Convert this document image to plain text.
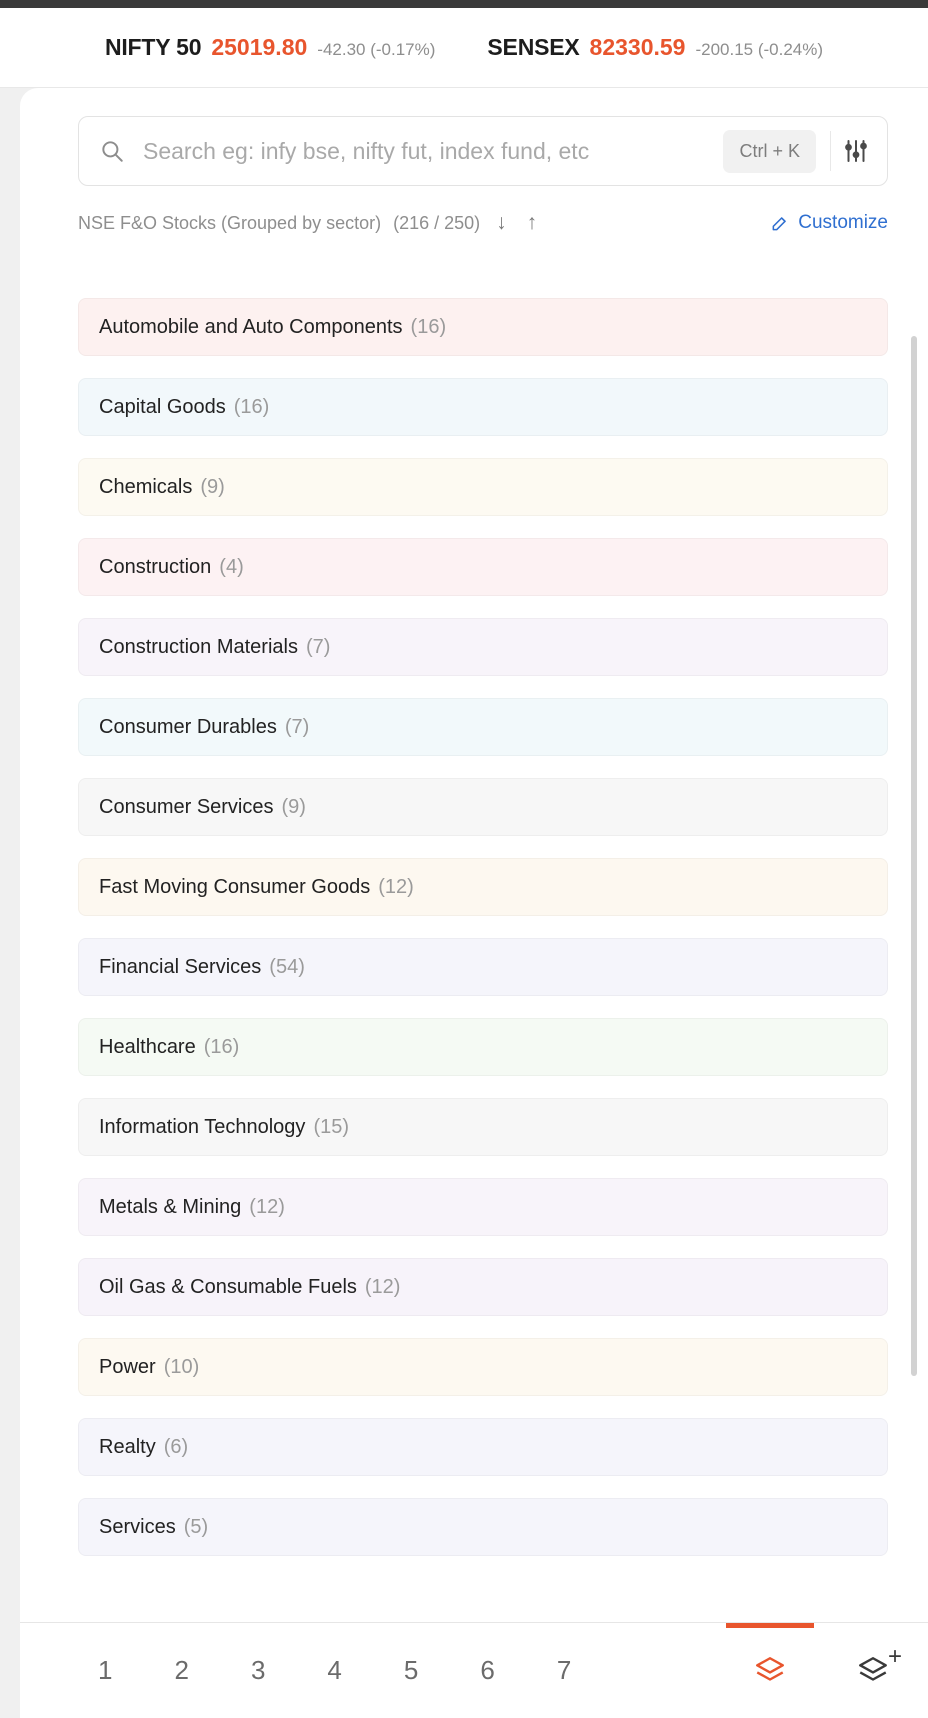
NIFTY 50 25019.80 -42.30 (-0.17%) SENSEX 82330.59 -200.15 (-0.24%)
Search eg: infy bse, nifty fut, index fund, etc
Ctrl + K
NSE F&O Stocks (Grouped by sector) (216 / 250) ↓ ↑	Customize
Automobile and Auto Components (16)
Capital Goods (16)
Chemicals (9)
Construction (4)
Construction Materials (7)
Consumer Durables (7)
Consumer Services (9)
Fast Moving Consumer Goods (12)
Financial Services (54)
Healthcare (16)
Information Technology (15)
Metals & Mining (12)
Oil Gas & Consumable Fuels (12)
Power (10)
Realty (6)
Services (5)
1 2 3 4 5 6 7	+
